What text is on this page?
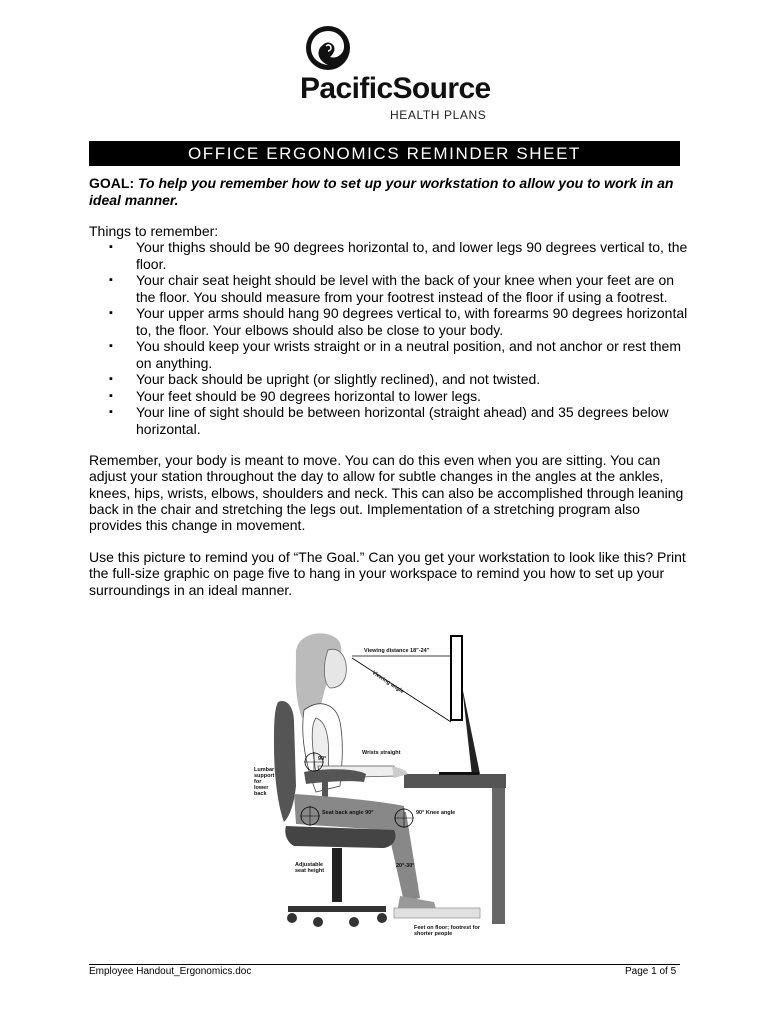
PacificSource
HEALTH PLANS
OFFICE ERGONOMICS REMINDER SHEET
GOAL: To help you remember how to set up your workstation to allow you to work in an ideal manner.
Things to remember:
▪ Your thighs should be 90 degrees horizontal to, and lower legs 90 degrees vertical to, the floor.
▪ Your chair seat height should be level with the back of your knee when your feet are on the floor. You should measure from your footrest instead of the floor if using a footrest.
▪ Your upper arms should hang 90 degrees vertical to, with forearms 90 degrees horizontal to, the floor. Your elbows should also be close to your body.
▪ You should keep your wrists straight or in a neutral position, and not anchor or rest them on anything.
▪ Your back should be upright (or slightly reclined), and not twisted.
▪ Your feet should be 90 degrees horizontal to lower legs.
▪ Your line of sight should be between horizontal (straight ahead) and 35 degrees below horizontal.

Remember, your body is meant to move. You can do this even when you are sitting. You can adjust your station throughout the day to allow for subtle changes in the angles at the ankles, knees, hips, wrists, elbows, shoulders and neck. This can also be accomplished through leaning back in the chair and stretching the legs out. Implementation of a stretching program also provides this change in movement.

Use this picture to remind you of “The Goal.” Can you get your workstation to look like this? Print the full-size graphic on page five to hang in your workspace to remind you how to set up your surroundings in an ideal manner.

Viewing distance 18"-24"
Viewing angle
Wrists straight
90°
Lumbar support for lower back
Seat back angle 90°	90° Knee angle
Adjustable seat height
20°-30°
Feet on floor; footrest for shorter people
Employee Handout_Ergonomics.doc	Page 1 of 5
